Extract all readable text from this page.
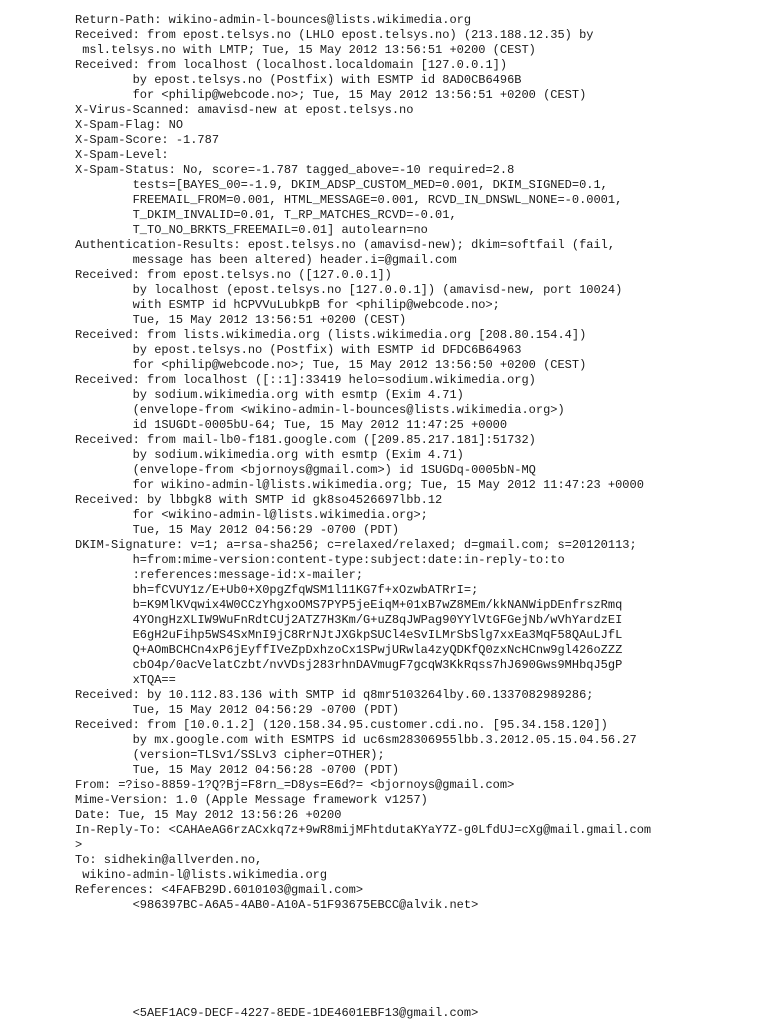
Return-Path: wikino-admin-l-bounces@lists.wikimedia.org
Received: from epost.telsys.no (LHLO epost.telsys.no) (213.188.12.35) by
msl.telsys.no with LMTP; Tue, 15 May 2012 13:56:51 +0200 (CEST)
Received: from localhost (localhost.localdomain [127.0.0.1])
by epost.telsys.no (Postfix) with ESMTP id 8AD0CB6496B
for <philip@webcode.no>; Tue, 15 May 2012 13:56:51 +0200 (CEST)
X-Virus-Scanned: amavisd-new at epost.telsys.no
X-Spam-Flag: NO
X-Spam-Score: -1.787
X-Spam-Level:
X-Spam-Status: No, score=-1.787 tagged_above=-10 required=2.8
tests=[BAYES_00=-1.9, DKIM_ADSP_CUSTOM_MED=0.001, DKIM_SIGNED=0.1,
FREEMAIL_FROM=0.001, HTML_MESSAGE=0.001, RCVD_IN_DNSWL_NONE=-0.0001,
T_DKIM_INVALID=0.01, T_RP_MATCHES_RCVD=-0.01,
T_TO_NO_BRKTS_FREEMAIL=0.01] autolearn=no
Authentication-Results: epost.telsys.no (amavisd-new); dkim=softfail (fail,
message has been altered) header.i=@gmail.com
Received: from epost.telsys.no ([127.0.0.1])
by localhost (epost.telsys.no [127.0.0.1]) (amavisd-new, port 10024)
with ESMTP id hCPVVuLubkpB for <philip@webcode.no>;
Tue, 15 May 2012 13:56:51 +0200 (CEST)
Received: from lists.wikimedia.org (lists.wikimedia.org [208.80.154.4])
by epost.telsys.no (Postfix) with ESMTP id DFDC6B64963
for <philip@webcode.no>; Tue, 15 May 2012 13:56:50 +0200 (CEST)
Received: from localhost ([::1]:33419 helo=sodium.wikimedia.org)
by sodium.wikimedia.org with esmtp (Exim 4.71)
(envelope-from <wikino-admin-l-bounces@lists.wikimedia.org>)
id 1SUGDt-0005bU-64; Tue, 15 May 2012 11:47:25 +0000
Received: from mail-lb0-f181.google.com ([209.85.217.181]:51732)
by sodium.wikimedia.org with esmtp (Exim 4.71)
(envelope-from <bjornoys@gmail.com>) id 1SUGDq-0005bN-MQ
for wikino-admin-l@lists.wikimedia.org; Tue, 15 May 2012 11:47:23 +0000
Received: by lbbgk8 with SMTP id gk8so4526697lbb.12
for <wikino-admin-l@lists.wikimedia.org>;
Tue, 15 May 2012 04:56:29 -0700 (PDT)
DKIM-Signature: v=1; a=rsa-sha256; c=relaxed/relaxed; d=gmail.com; s=20120113;
h=from:mime-version:content-type:subject:date:in-reply-to:to
:references:message-id:x-mailer;
bh=fCVUY1z/E+Ub0+X0pgZfqWSM1l11KG7f+xOzwbATRrI=;
b=K9MlKVqwix4W0CCzYhgxoOMS7PYP5jeEiqM+01xB7wZ8MEm/kkNANWipDEnfrszRmq
4YOngHzXLIW9WuFnRdtCUj2ATZ7H3Km/G+uZ8qJWPag90YYlVtGFGejNb/wVhYardzEI
E6gH2uFihp5WS4SxMnI9jC8RrNJtJXGkpSUCl4eSvILMrSbSlg7xxEa3MqF58QAuLJfL
Q+AOmBCHCn4xP6jEyffIVeZpDxhzoCx1SPwjURwla4zyQDKfQ0zxNcHCnw9gl426oZZZ
cbO4p/0acVelatCzbt/nvVDsj283rhnDAVmugF7gcqW3KkRqss7hJ690Gws9MHbqJ5gP
xTQA==
Received: by 10.112.83.136 with SMTP id q8mr5103264lby.60.1337082989286;
Tue, 15 May 2012 04:56:29 -0700 (PDT)
Received: from [10.0.1.2] (120.158.34.95.customer.cdi.no. [95.34.158.120])
by mx.google.com with ESMTPS id uc6sm28306955lbb.3.2012.05.15.04.56.27
(version=TLSv1/SSLv3 cipher=OTHER);
Tue, 15 May 2012 04:56:28 -0700 (PDT)
From: =?iso-8859-1?Q?Bj=F8rn_=D8ys=E6d?= <bjornoys@gmail.com>
Mime-Version: 1.0 (Apple Message framework v1257)
Date: Tue, 15 May 2012 13:56:26 +0200
In-Reply-To: <CAHAeAG6rzACxkq7z+9wR8mijMFhtdutaKYaY7Z-g0LfdUJ=cXg@mail.gmail.com
>
To: sidhekin@allverden.no,
wikino-admin-l@lists.wikimedia.org
References: <4FAFB29D.6010103@gmail.com>
<986397BC-A6A5-4AB0-A10A-51F93675EBCC@alvik.net>
<5AEF1AC9-DECF-4227-8EDE-1DE4601EBF13@gmail.com>
